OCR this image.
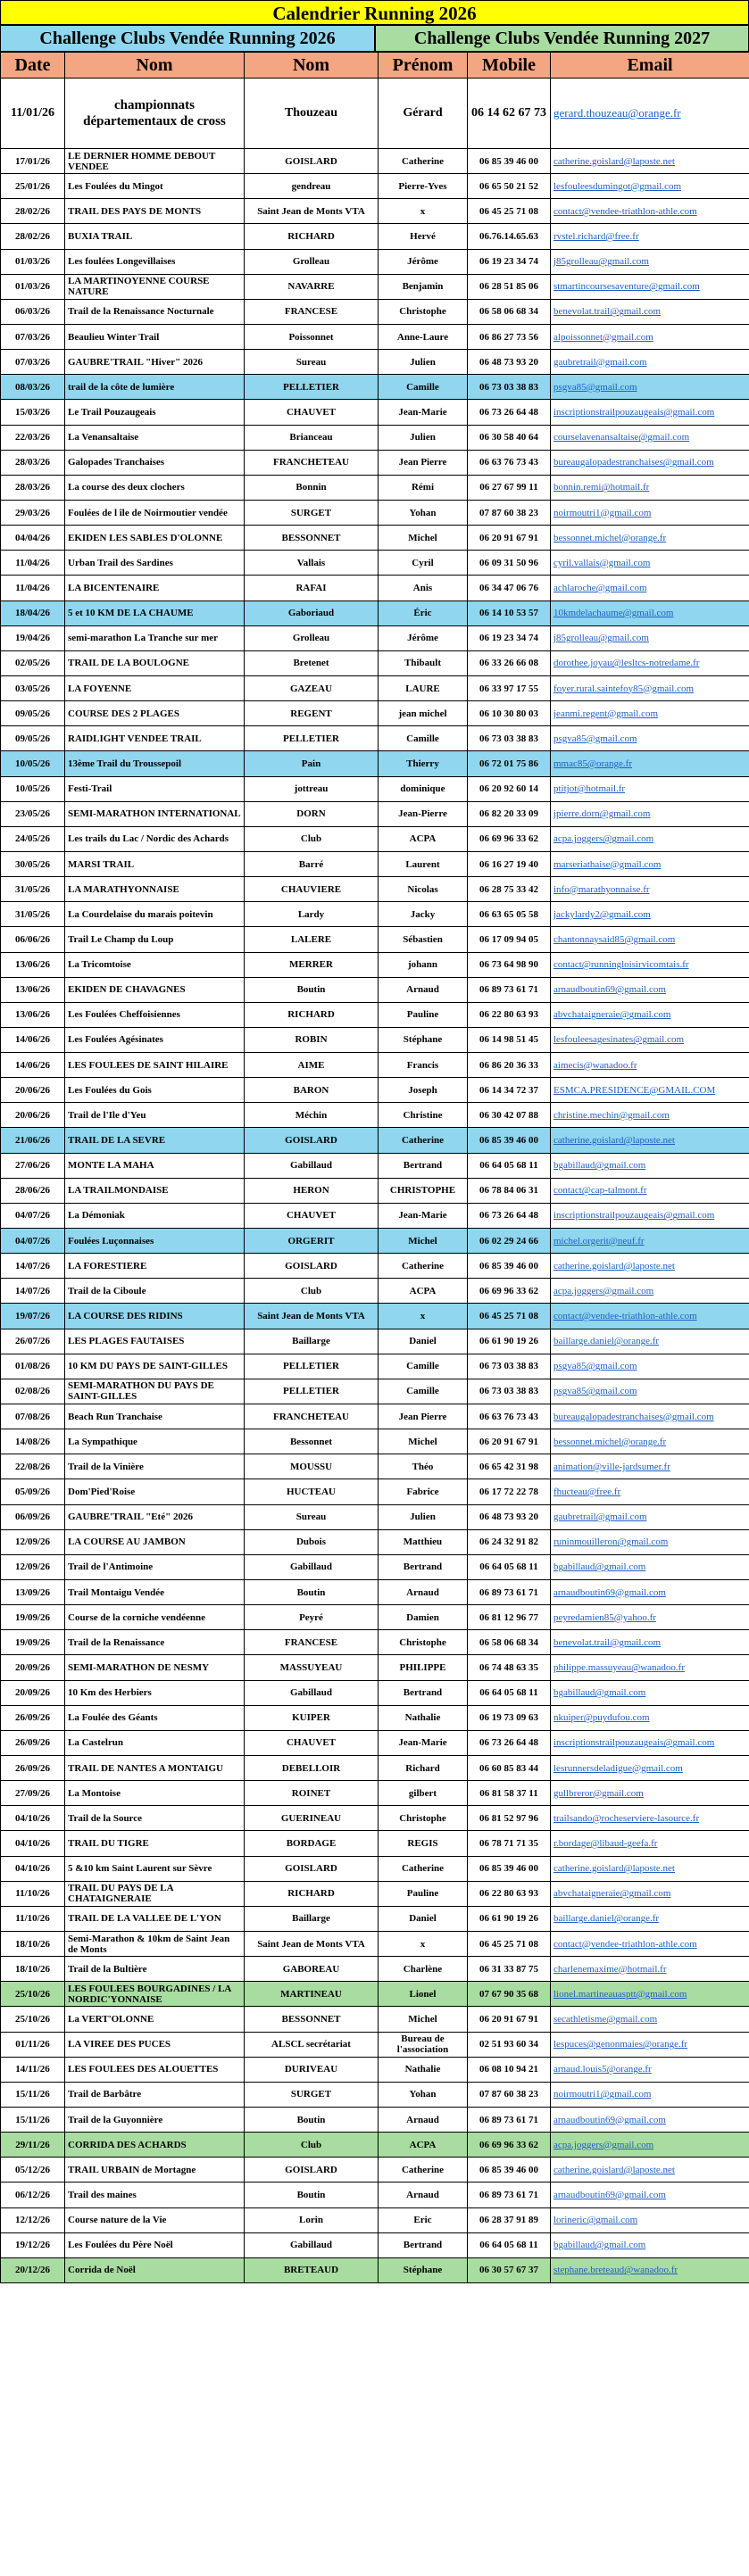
Calendrier Running 2026
Challenge Clubs Vendée Running 2026	Challenge Clubs Vendée Running 2027
Date	Nom	Nom	Prénom	Mobile	Email
11/01/26	championnats départementaux de cross	Thouzeau	Gérard	06 14 62 67 73	gerard.thouzeau@orange.fr
17/01/26	LE DERNIER HOMME DEBOUT VENDEE	GOISLARD	Catherine	06 85 39 46 00	catherine.goislard@laposte.net
25/01/26	Les Foulées du Mingot	gendreau	Pierre-Yves	06 65 50 21 52	lesfouleesdumingot@gmail.com
28/02/26	TRAIL DES PAYS DE MONTS	Saint Jean de Monts VTA	x	06 45 25 71 08	contact@vendee-triathlon-athle.com
28/02/26	BUXIA TRAIL	RICHARD	Hervé	06.76.14.65.63	rvstel.richard@free.fr
01/03/26	Les foulées Longevillaises	Grolleau	Jérôme	06 19 23 34 74	j85grolleau@gmail.com
01/03/26	LA MARTINOYENNE COURSE NATURE	NAVARRE	Benjamin	06 28 51 85 06	stmartincoursesaventure@gmail.com
06/03/26	Trail de la Renaissance Nocturnale	FRANCESE	Christophe	06 58 06 68 34	benevolat.trail@gmail.com
07/03/26	Beaulieu Winter Trail	Poissonnet	Anne-Laure	06 86 27 73 56	alpoissonnet@gmail.com
07/03/26	GAUBRE'TRAIL "Hiver" 2026	Sureau	Julien	06 48 73 93 20	gaubretrail@gmail.com
08/03/26	trail de la côte de lumière	PELLETIER	Camille	06 73 03 38 83	psgva85@gmail.com
15/03/26	Le Trail Pouzaugeais	CHAUVET	Jean-Marie	06 73 26 64 48	inscriptionstrailpouzaugeais@gmail.com
22/03/26	La Venansaltaise	Brianceau	Julien	06 30 58 40 64	courselavenansaltaise@gmail.com
28/03/26	Galopades Tranchaises	FRANCHETEAU	Jean Pierre	06 63 76 73 43	bureaugalopadestranchaises@gmail.com
28/03/26	La course des deux clochers	Bonnin	Rémi	06 27 67 99 11	bonnin.remi@hotmail.fr
29/03/26	Foulées de l île de Noirmoutier vendée	SURGET	Yohan	07 87 60 38 23	noirmoutri1@gmail.com
04/04/26	EKIDEN LES SABLES D'OLONNE	BESSONNET	Michel	06 20 91 67 91	bessonnet.michel@orange.fr
11/04/26	Urban Trail des Sardines	Vallais	Cyril	06 09 31 50 96	cyril.vallais@gmail.com
11/04/26	LA BICENTENAIRE	RAFAI	Anis	06 34 47 06 76	achlaroche@gmail.com
18/04/26	5 et 10 KM DE LA CHAUME	Gaboriaud	Éric	06 14 10 53 57	10kmdelachaume@gmail.com
19/04/26	semi-marathon La Tranche sur mer	Grolleau	Jérôme	06 19 23 34 74	j85grolleau@gmail.com
02/05/26	TRAIL DE LA BOULOGNE	Bretenet	Thibault	06 33 26 66 08	dorothee.joyau@lesltcs-notredame.fr
03/05/26	LA FOYENNE	GAZEAU	LAURE	06 33 97 17 55	foyer.rural.saintefoy85@gmail.com
09/05/26	COURSE DES 2 PLAGES	REGENT	jean michel	06 10 30 80 03	jeanmi.regent@gmail.com
09/05/26	RAIDLIGHT VENDEE TRAIL	PELLETIER	Camille	06 73 03 38 83	psgva85@gmail.com
10/05/26	13ème Trail du Troussepoil	Pain	Thierry	06 72 01 75 86	mmac85@orange.fr
10/05/26	Festi-Trail	jottreau	dominique	06 20 92 60 14	ptitjot@hotmail.fr
23/05/26	SEMI-MARATHON INTERNATIONAL	DORN	Jean-Pierre	06 82 20 33 09	jpierre.dorn@gmail.com
24/05/26	Les trails du Lac / Nordic des Achards	Club	ACPA	06 69 96 33 62	acpa.joggers@gmail.com
30/05/26	MARSI TRAIL	Barré	Laurent	06 16 27 19 40	marseriathaise@gmail.com
31/05/26	LA MARATHYONNAISE	CHAUVIERE	Nicolas	06 28 75 33 42	info@marathyonnaise.fr
31/05/26	La Courdelaise du marais poitevin	Lardy	Jacky	06 63 65 05 58	jackylardy2@gmail.com
06/06/26	Trail Le Champ du Loup	LALERE	Sébastien	06 17 09 94 05	chantonnaysaid85@gmail.com
13/06/26	La Tricomtoise	MERRER	johann	06 73 64 98 90	contact@runningloisirvicomtais.fr
13/06/26	EKIDEN DE CHAVAGNES	Boutin	Arnaud	06 89 73 61 71	arnaudboutin69@gmail.com
13/06/26	Les Foulées Cheffoisiennes	RICHARD	Pauline	06 22 80 63 93	abvchataigneraie@gmail.com
14/06/26	Les Foulées Agésinates	ROBIN	Stéphane	06 14 98 51 45	lesfouleesagesinates@gmail.com
14/06/26	LES FOULEES DE SAINT HILAIRE	AIME	Francis	06 86 20 36 33	aimecis@wanadoo.fr
20/06/26	Les Foulées du Gois	BARON	Joseph	06 14 34 72 37	ESMCA.PRESIDENCE@GMAIL.COM
20/06/26	Trail de l'Ile d'Yeu	Méchin	Christine	06 30 42 07 88	christine.mechin@gmail.com
21/06/26	TRAIL DE LA SEVRE	GOISLARD	Catherine	06 85 39 46 00	catherine.goislard@laposte.net
27/06/26	MONTE LA MAHA	Gabillaud	Bertrand	06 64 05 68 11	bgabillaud@gmail.com
28/06/26	LA TRAILMONDAISE	HERON	CHRISTOPHE	06 78 84 06 31	contact@cap-talmont.fr
04/07/26	La Démoniak	CHAUVET	Jean-Marie	06 73 26 64 48	inscriptionstrailpouzaugeais@gmail.com
04/07/26	Foulées Luçonnaises	ORGERIT	Michel	06 02 29 24 66	michel.orgerit@neuf.fr
14/07/26	LA FORESTIERE	GOISLARD	Catherine	06 85 39 46 00	catherine.goislard@laposte.net
14/07/26	Trail de la Ciboule	Club	ACPA	06 69 96 33 62	acpa.joggers@gmail.com
19/07/26	LA COURSE DES RIDINS	Saint Jean de Monts VTA	x	06 45 25 71 08	contact@vendee-triathlon-athle.com
26/07/26	LES PLAGES FAUTAISES	Baillarge	Daniel	06 61 90 19 26	baillarge.daniel@orange.fr
01/08/26	10 KM DU PAYS DE SAINT-GILLES	PELLETIER	Camille	06 73 03 38 83	psgva85@gmail.com
02/08/26	SEMI-MARATHON DU PAYS DE SAINT-GILLES	PELLETIER	Camille	06 73 03 38 83	psgva85@gmail.com
07/08/26	Beach Run Tranchaise	FRANCHETEAU	Jean Pierre	06 63 76 73 43	bureaugalopadestranchaises@gmail.com
14/08/26	La Sympathique	Bessonnet	Michel	06 20 91 67 91	bessonnet.michel@orange.fr
22/08/26	Trail de la Vinière	MOUSSU	Théo	06 65 42 31 98	animation@ville-jardsumer.fr
05/09/26	Dom'Pied'Roise	HUCTEAU	Fabrice	06 17 72 22 78	fhucteau@free.fr
06/09/26	GAUBRE'TRAIL "Eté" 2026	Sureau	Julien	06 48 73 93 20	gaubretrail@gmail.com
12/09/26	LA COURSE AU JAMBON	Dubois	Matthieu	06 24 32 91 82	runinmouilleron@gmail.com
12/09/26	Trail de l'Antimoine	Gabillaud	Bertrand	06 64 05 68 11	bgabillaud@gmail.com
13/09/26	Trail Montaigu Vendée	Boutin	Arnaud	06 89 73 61 71	arnaudboutin69@gmail.com
19/09/26	Course de la corniche vendéenne	Peyré	Damien	06 81 12 96 77	peyredamien85@yahoo.fr
19/09/26	Trail de la Renaissance	FRANCESE	Christophe	06 58 06 68 34	benevolat.trail@gmail.com
20/09/26	SEMI-MARATHON DE NESMY	MASSUYEAU	PHILIPPE	06 74 48 63 35	philippe.massuyeau@wanadoo.fr
20/09/26	10 Km des Herbiers	Gabillaud	Bertrand	06 64 05 68 11	bgabillaud@gmail.com
26/09/26	La Foulée des Géants	KUIPER	Nathalie	06 19 73 09 63	nkuiper@puydufou.com
26/09/26	La Castelrun	CHAUVET	Jean-Marie	06 73 26 64 48	inscriptionstrailpouzaugeais@gmail.com
26/09/26	TRAIL DE NANTES A MONTAIGU	DEBELLOIR	Richard	06 60 85 83 44	lesrunnersdeladigue@gmail.com
27/09/26	La Montoise	ROINET	gilbert	06 81 58 37 11	gullbreror@gmail.com
04/10/26	Trail de la Source	GUERINEAU	Christophe	06 81 52 97 96	trailsando@rocheserviere-lasource.fr
04/10/26	TRAIL DU TIGRE	BORDAGE	REGIS	06 78 71 71 35	r.bordage@libaud-geefa.fr
04/10/26	5 &10 km Saint Laurent sur Sèvre	GOISLARD	Catherine	06 85 39 46 00	catherine.goislard@laposte.net
11/10/26	TRAIL DU PAYS DE LA CHATAIGNERAIE	RICHARD	Pauline	06 22 80 63 93	abvchataigneraie@gmail.com
11/10/26	TRAIL DE LA VALLEE DE L'YON	Baillarge	Daniel	06 61 90 19 26	baillarge.daniel@orange.fr
18/10/26	Semi-Marathon & 10km de Saint Jean de Monts	Saint Jean de Monts VTA	x	06 45 25 71 08	contact@vendee-triathlon-athle.com
18/10/26	Trail de la Bultière	GABOREAU	Charlène	06 31 33 87 75	charlenemaxime@hotmail.fr
25/10/26	LES FOULEES BOURGADINES / LA NORDIC'YONNAISE	MARTINEAU	Lionel	07 67 90 35 68	lionel.martineauasptt@gmail.com
25/10/26	La VERT'OLONNE	BESSONNET	Michel	06 20 91 67 91	secathletisme@gmail.com
01/11/26	LA VIREE DES PUCES	ALSCL secrétariat	Bureau de l'association	02 51 93 60 34	lespuces@genonmaies@orange.fr
14/11/26	LES FOULEES DES ALOUETTES	DURIVEAU	Nathalie	06 08 10 94 21	arnaud.louis5@orange.fr
15/11/26	Trail de Barbâtre	SURGET	Yohan	07 87 60 38 23	noirmoutri1@gmail.com
15/11/26	Trail de la Guyonnière	Boutin	Arnaud	06 89 73 61 71	arnaudboutin69@gmail.com
29/11/26	CORRIDA DES ACHARDS	Club	ACPA	06 69 96 33 62	acpa.joggers@gmail.com
05/12/26	TRAIL URBAIN de Mortagne	GOISLARD	Catherine	06 85 39 46 00	catherine.goislard@laposte.net
06/12/26	Trail des maines	Boutin	Arnaud	06 89 73 61 71	arnaudboutin69@gmail.com
12/12/26	Course nature de la Vie	Lorin	Eric	06 28 37 91 89	lorineric@gmail.com
19/12/26	Les Foulées du Père Noël	Gabillaud	Bertrand	06 64 05 68 11	bgabillaud@gmail.com
20/12/26	Corrida de Noël	BRETEAUD	Stéphane	06 30 57 67 37	stephane.breteaud@wanadoo.fr
